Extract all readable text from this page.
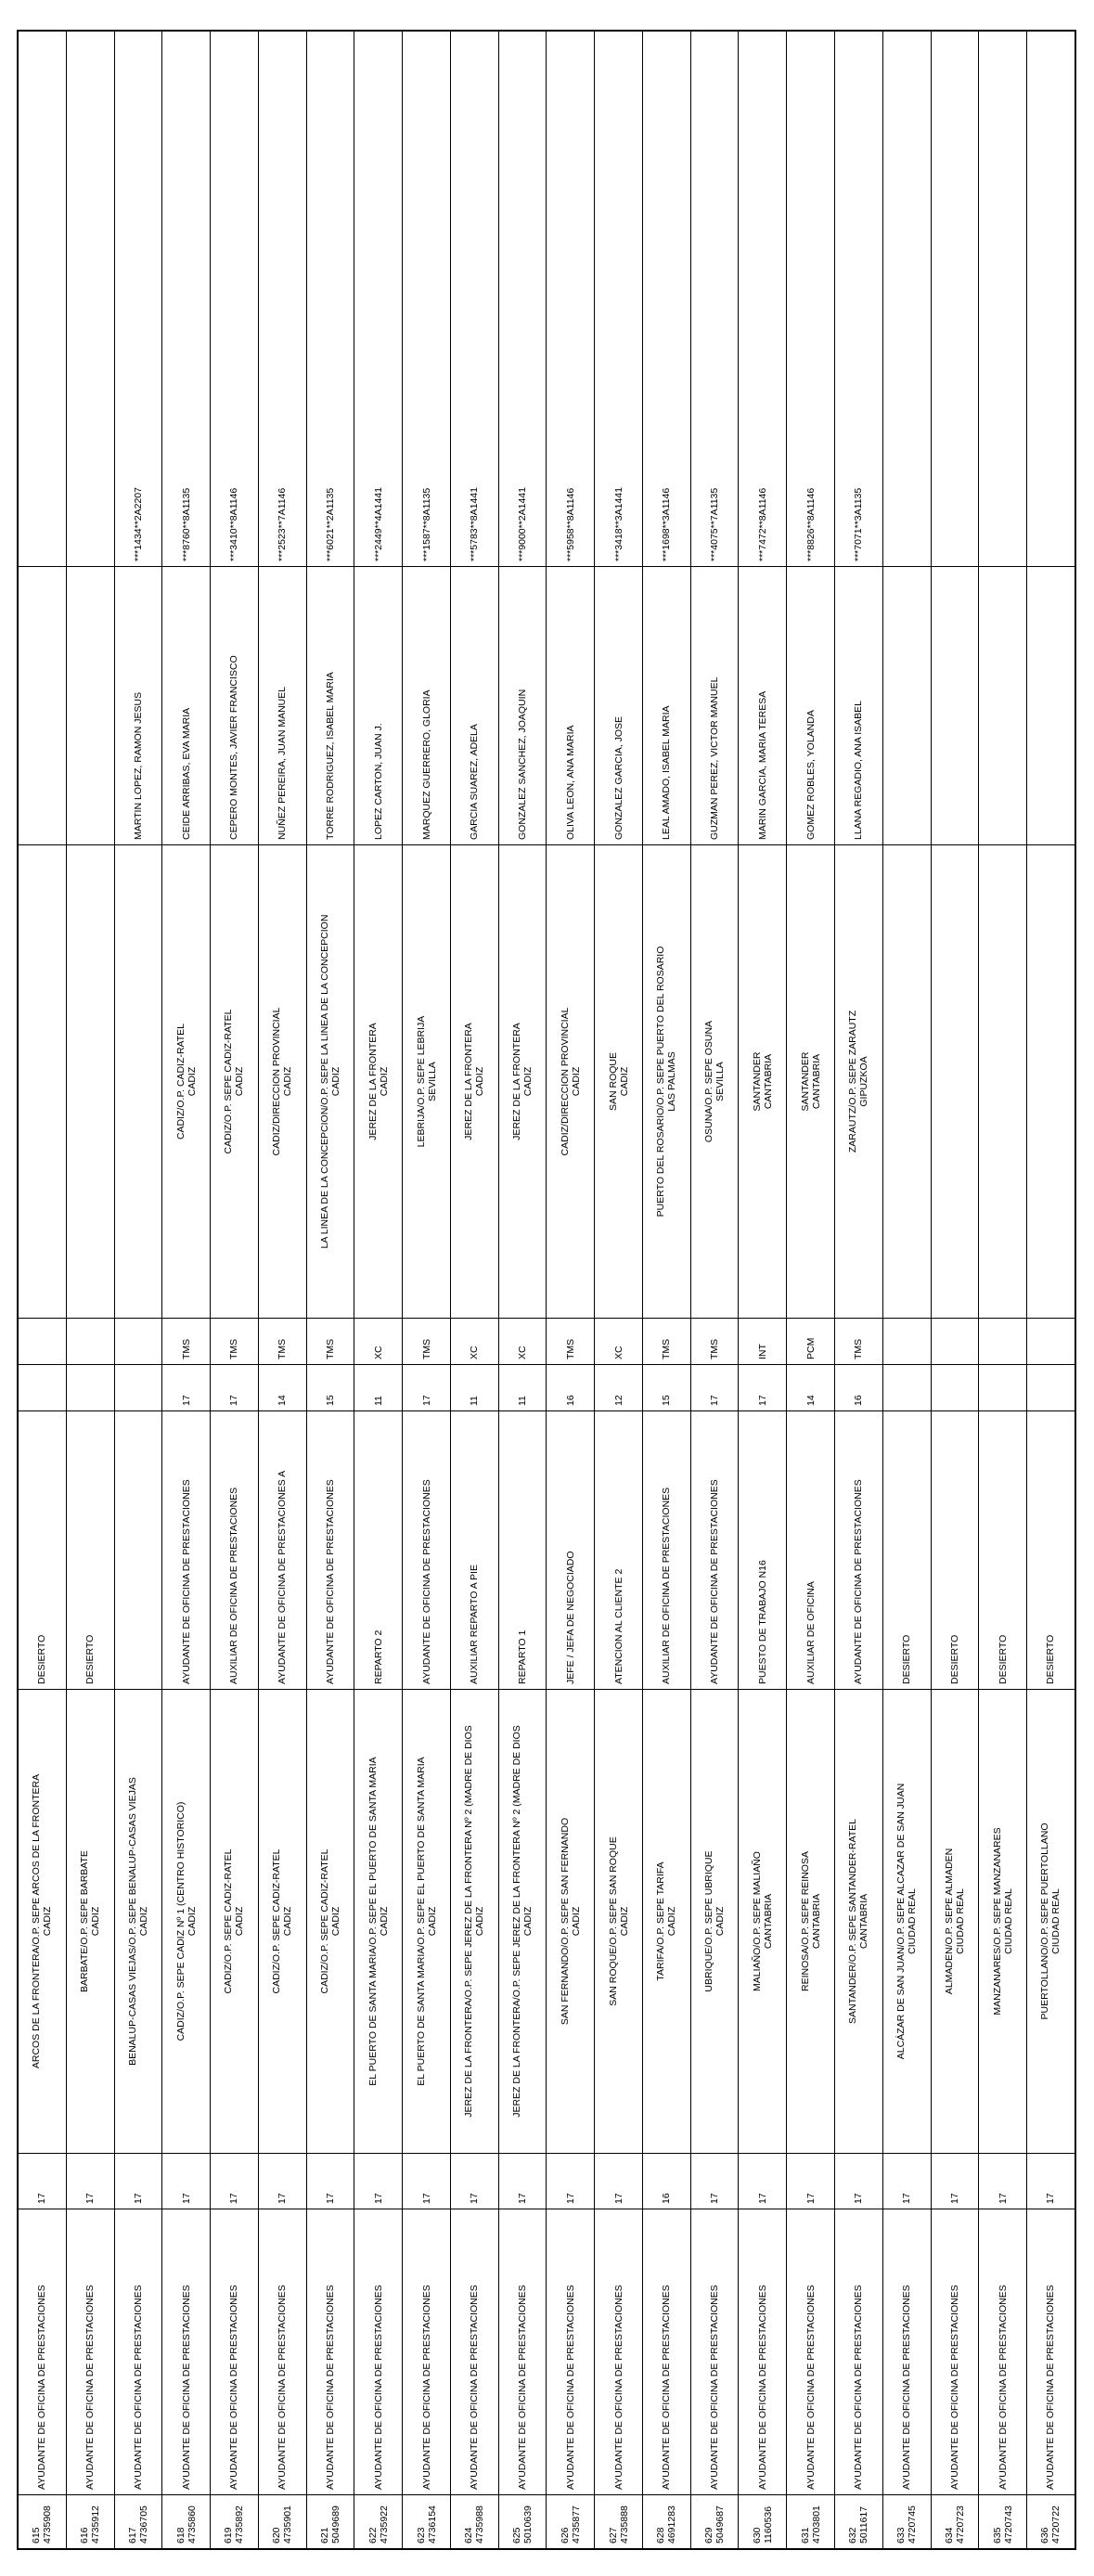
615 4735908
AYUDANTE DE OFICINA DE PRESTACIONES
17
ARCOS DE LA FRONTERA/O.P. SEPE ARCOS DE LA FRONTERA CADIZ
DESIERTO
616 4735912
AYUDANTE DE OFICINA DE PRESTACIONES
17
BARBATE/O.P. SEPE BARBATE CADIZ
DESIERTO
617 4736705
AYUDANTE DE OFICINA DE PRESTACIONES
17
BENALUP-CASAS VIEJAS/O.P. SEPE BENALUP-CASAS VIEJAS CADIZ
MARTIN LOPEZ, RAMON JESUS
***1434**2A2207
618 4735860
AYUDANTE DE OFICINA DE PRESTACIONES
17
CADIZ/O.P. SEPE CADIZ Nº 1 (CENTRO HISTORICO) CADIZ
AYUDANTE DE OFICINA DE PRESTACIONES
17
TMS
CADIZ/O.P. CADIZ-RATEL CADIZ
CEIDE ARRIBAS, EVA MARIA
***8760**8A1135
619 4735892
AYUDANTE DE OFICINA DE PRESTACIONES
17
CADIZ/O.P. SEPE CADIZ-RATEL CADIZ
AUXILIAR DE OFICINA DE PRESTACIONES
17
TMS
CADIZ/O.P. SEPE CADIZ-RATEL CADIZ
CEPERO MONTES, JAVIER FRANCISCO
***3410**8A1146
620 4735901
AYUDANTE DE OFICINA DE PRESTACIONES
17
CADIZ/O.P. SEPE CADIZ-RATEL CADIZ
AYUDANTE DE OFICINA DE PRESTACIONES A
14
TMS
CADIZ/DIRECCION PROVINCIAL CADIZ
NUÑEZ PEREIRA, JUAN MANUEL
***2523**7A1146
621 5049689
AYUDANTE DE OFICINA DE PRESTACIONES
17
CADIZ/O.P. SEPE CADIZ-RATEL CADIZ
AYUDANTE DE OFICINA DE PRESTACIONES
15
TMS
LA LINEA DE LA CONCEPCION/O.P. SEPE LA LINEA DE LA CONCEPCION CADIZ
TORRE RODRIGUEZ, ISABEL MARIA
***6021**2A1135
622 4735922
AYUDANTE DE OFICINA DE PRESTACIONES
17
EL PUERTO DE SANTA MARIA/O.P. SEPE EL PUERTO DE SANTA MARIA CADIZ
REPARTO 2
11
XC
JEREZ DE LA FRONTERA CADIZ
LOPEZ CARTON, JUAN J.
***2449**4A1441
623 4736154
AYUDANTE DE OFICINA DE PRESTACIONES
17
EL PUERTO DE SANTA MARIA/O.P. SEPE EL PUERTO DE SANTA MARIA CADIZ
AYUDANTE DE OFICINA DE PRESTACIONES
17
TMS
LEBRIJA/O.P. SEPE LEBRIJA SEVILLA
MARQUEZ GUERRERO, GLORIA
***1587**8A1135
624 4735988
AYUDANTE DE OFICINA DE PRESTACIONES
17
JEREZ DE LA FRONTERA/O.P. SEPE JEREZ DE LA FRONTERA Nº 2 (MADRE DE DIOS CADIZ
AUXILIAR REPARTO A PIE
11
XC
JEREZ DE LA FRONTERA CADIZ
GARCIA SUAREZ, ADELA
***5783**8A1441
625 5010639
AYUDANTE DE OFICINA DE PRESTACIONES
17
JEREZ DE LA FRONTERA/O.P. SEPE JEREZ DE LA FRONTERA Nº 2 (MADRE DE DIOS CADIZ
REPARTO 1
11
XC
JEREZ DE LA FRONTERA CADIZ
GONZALEZ SANCHEZ, JOAQUIN
***9000**2A1441
626 4735877
AYUDANTE DE OFICINA DE PRESTACIONES
17
SAN FERNANDO/O.P. SEPE SAN FERNANDO CADIZ
JEFE / JEFA DE NEGOCIADO
16
TMS
CADIZ/DIRECCION PROVINCIAL CADIZ
OLIVA LEON, ANA MARIA
***5958**8A1146
627 4735888
AYUDANTE DE OFICINA DE PRESTACIONES
17
SAN ROQUE/O.P. SEPE SAN ROQUE CADIZ
ATENCION AL CLIENTE 2
12
XC
SAN ROQUE CADIZ
GONZALEZ GARCIA, JOSE
***3418**3A1441
628 4691283
AYUDANTE DE OFICINA DE PRESTACIONES
16
TARIFA/O.P. SEPE TARIFA CADIZ
AUXILIAR DE OFICINA DE PRESTACIONES
15
TMS
PUERTO DEL ROSARIO/O.P. SEPE PUERTO DEL ROSARIO LAS PALMAS
LEAL AMADO, ISABEL MARIA
***1698**3A1146
629 5049687
AYUDANTE DE OFICINA DE PRESTACIONES
17
UBRIQUE/O.P. SEPE UBRIQUE CADIZ
AYUDANTE DE OFICINA DE PRESTACIONES
17
TMS
OSUNA/O.P. SEPE OSUNA SEVILLA
GUZMAN PEREZ, VICTOR MANUEL
***4075**7A1135
630 1160536
AYUDANTE DE OFICINA DE PRESTACIONES
17
MALIAÑO/O.P. SEPE MALIAÑO CANTABRIA
PUESTO DE TRABAJO N16
17
INT
SANTANDER CANTABRIA
MARIN GARCIA, MARIA TERESA
***7472**8A1146
631 4703801
AYUDANTE DE OFICINA DE PRESTACIONES
17
REINOSA/O.P. SEPE REINOSA CANTABRIA
AUXILIAR DE OFICINA
14
PCM
SANTANDER CANTABRIA
GOMEZ ROBLES, YOLANDA
***8826**8A1146
632 5011617
AYUDANTE DE OFICINA DE PRESTACIONES
17
SANTANDER/O.P. SEPE SANTANDER-RATEL CANTABRIA
AYUDANTE DE OFICINA DE PRESTACIONES
16
TMS
ZARAUTZ/O.P. SEPE ZARAUTZ GIPUZKOA
LLANA REGADIO, ANA ISABEL
***7071**3A1135
633 4720745
AYUDANTE DE OFICINA DE PRESTACIONES
17
ALCÁZAR DE SAN JUAN/O.P. SEPE ALCAZAR DE SAN JUAN CIUDAD REAL
DESIERTO
634 4720723
AYUDANTE DE OFICINA DE PRESTACIONES
17
ALMADEN/O.P. SEPE ALMADEN CIUDAD REAL
DESIERTO
635 4720743
AYUDANTE DE OFICINA DE PRESTACIONES
17
MANZANARES/O.P. SEPE MANZANARES CIUDAD REAL
DESIERTO
636 4720722
AYUDANTE DE OFICINA DE PRESTACIONES
17
PUERTOLLANO/O.P. SEPE PUERTOLLANO CIUDAD REAL
DESIERTO
